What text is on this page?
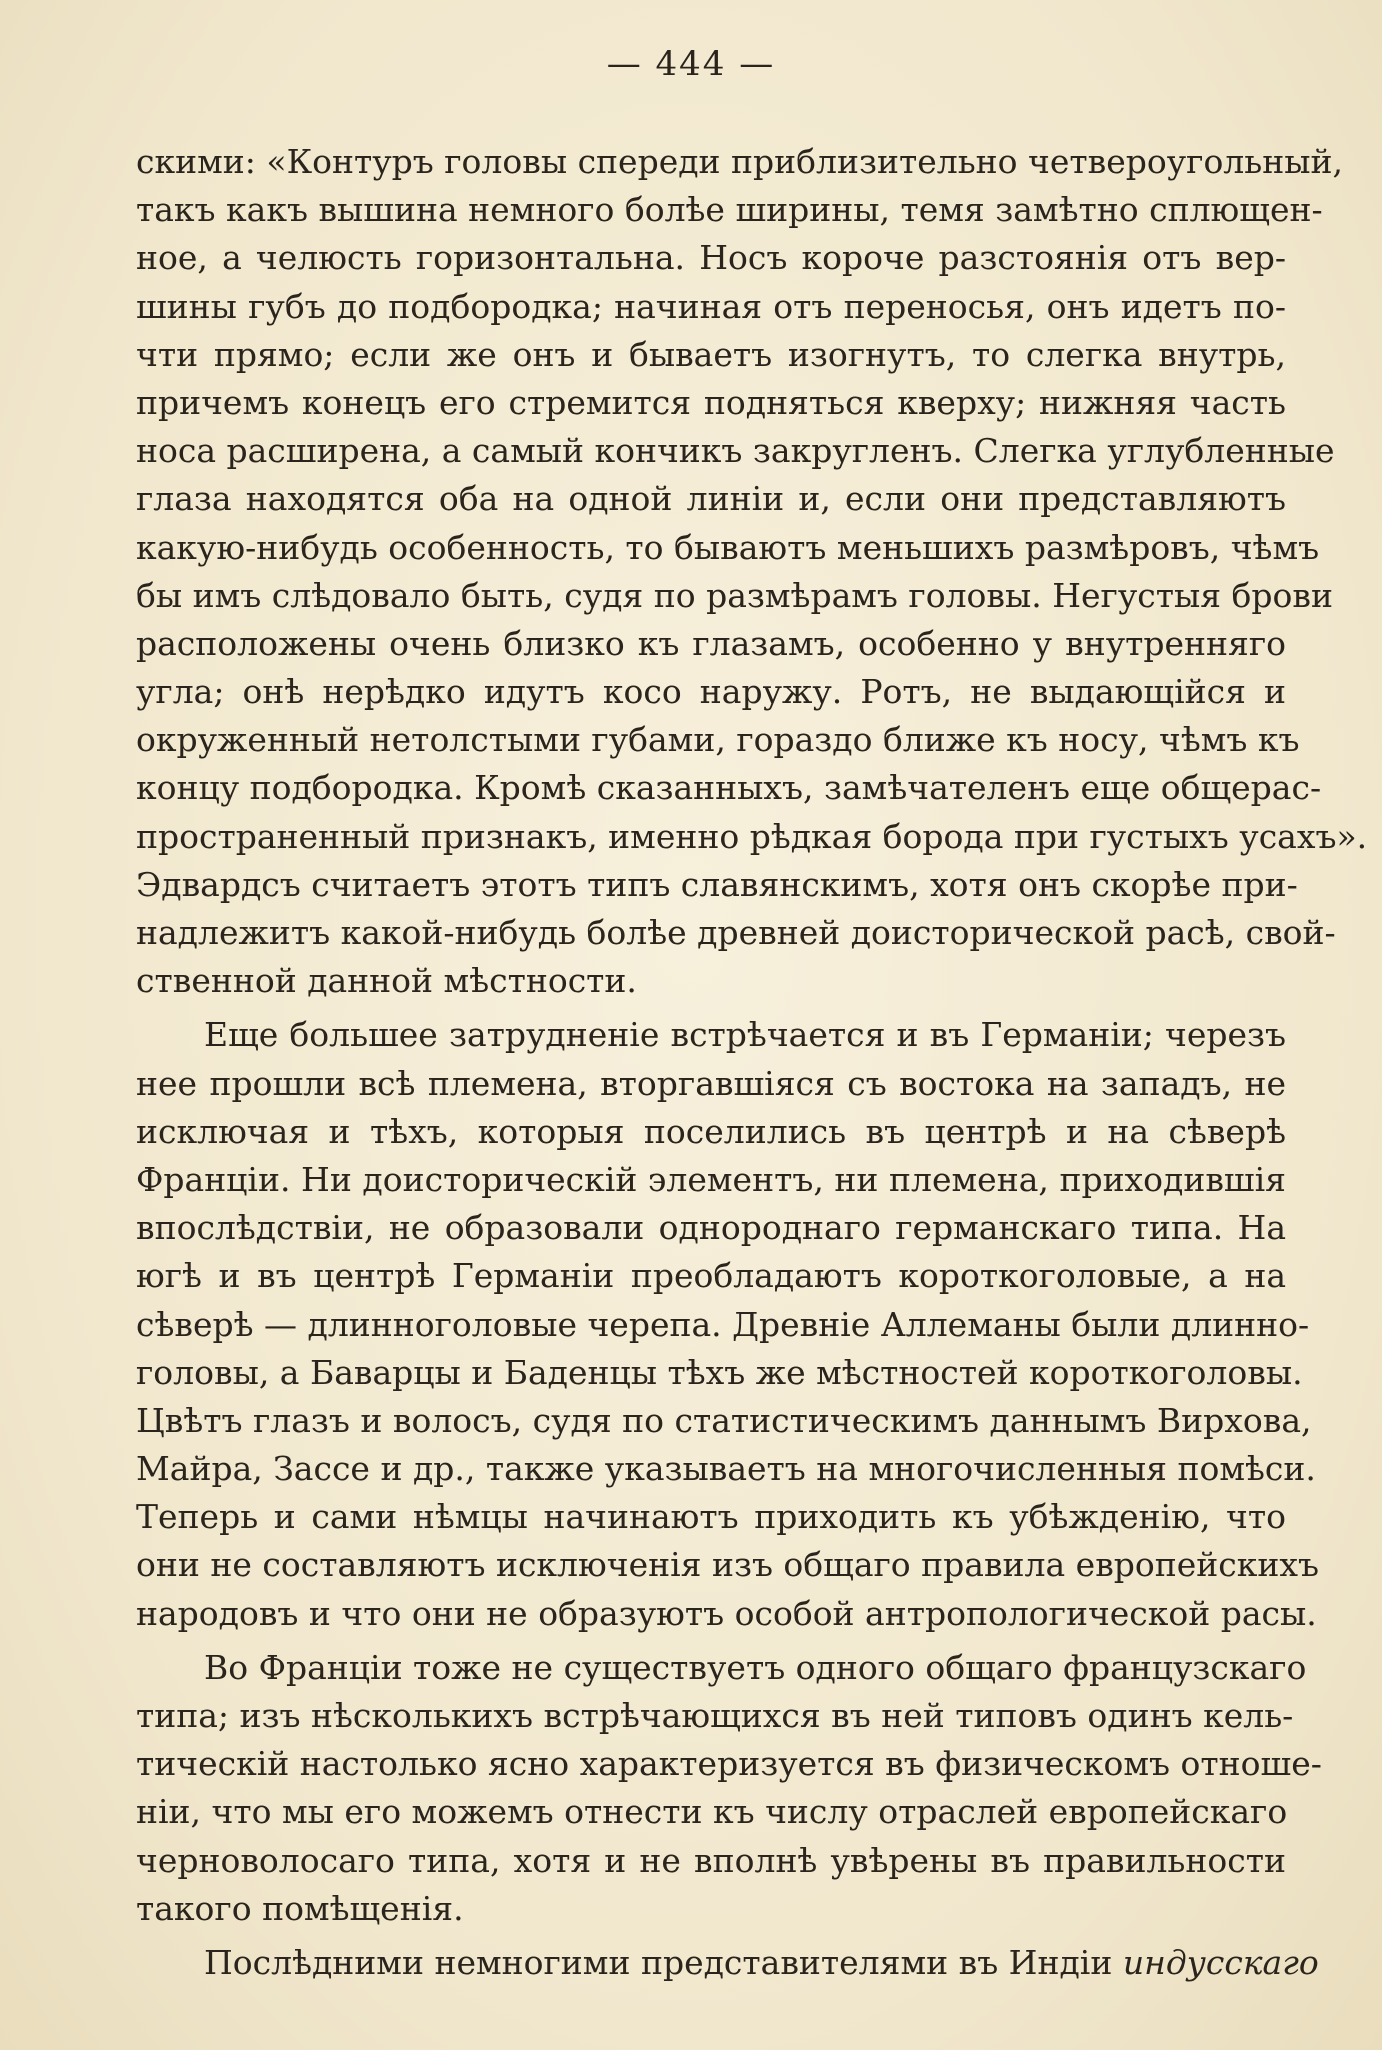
— 444 —
скими: «Контуръ головы спереди приблизительно четвероугольный,
такъ какъ вышина немного болѣе ширины, темя замѣтно сплющен-
ное, а челюсть горизонтальна. Носъ короче разстоянія отъ вер-
шины губъ до подбородка; начиная отъ переносья, онъ идетъ по-
чти прямо; если же онъ и бываетъ изогнутъ, то слегка внутрь,
причемъ конецъ его стремится подняться кверху; нижняя часть
носа расширена, а самый кончикъ закругленъ. Слегка углубленные
глаза находятся оба на одной линіи и, если они представляютъ
какую-нибудь особенность, то бываютъ меньшихъ размѣровъ, чѣмъ
бы имъ слѣдовало быть, судя по размѣрамъ головы. Негустыя брови
расположены очень близко къ глазамъ, особенно у внутренняго
угла; онѣ нерѣдко идутъ косо наружу. Ротъ, не выдающійся и
окруженный нетолстыми губами, гораздо ближе къ носу, чѣмъ къ
концу подбородка. Кромѣ сказанныхъ, замѣчателенъ еще общерас-
пространенный признакъ, именно рѣдкая борода при густыхъ усахъ».
Эдвардсъ считаетъ этотъ типъ славянскимъ, хотя онъ скорѣе при-
надлежитъ какой-нибудь болѣе древней доисторической расѣ, свой-
ственной данной мѣстности.
Еще большее затрудненіе встрѣчается и въ Германіи; черезъ
нее прошли всѣ племена, вторгавшіяся съ востока на западъ, не
исключая и тѣхъ, которыя поселились въ центрѣ и на сѣверѣ
Франціи. Ни доисторическій элементъ, ни племена, приходившія
впослѣдствіи, не образовали однороднаго германскаго типа. На
югѣ и въ центрѣ Германіи преобладаютъ короткоголовые, а на
сѣверѣ — длинноголовые черепа. Древніе Аллеманы были длинно-
головы, а Баварцы и Баденцы тѣхъ же мѣстностей короткоголовы.
Цвѣтъ глазъ и волосъ, судя по статистическимъ даннымъ Вирхова,
Майра, Зассе и др., также указываетъ на многочисленныя помѣси.
Теперь и сами нѣмцы начинаютъ приходить къ убѣжденію, что
они не составляютъ исключенія изъ общаго правила европейскихъ
народовъ и что они не образуютъ особой антропологической расы.
Во Франціи тоже не существуетъ одного общаго французскаго
типа; изъ нѣсколькихъ встрѣчающихся въ ней типовъ одинъ кель-
тическій настолько ясно характеризуется въ физическомъ отноше-
ніи, что мы его можемъ отнести къ числу отраслей европейскаго
черноволосаго типа, хотя и не вполнѣ увѣрены въ правильности
такого помѣщенія.
Послѣдними немногими представителями въ Индіи индусскаго
